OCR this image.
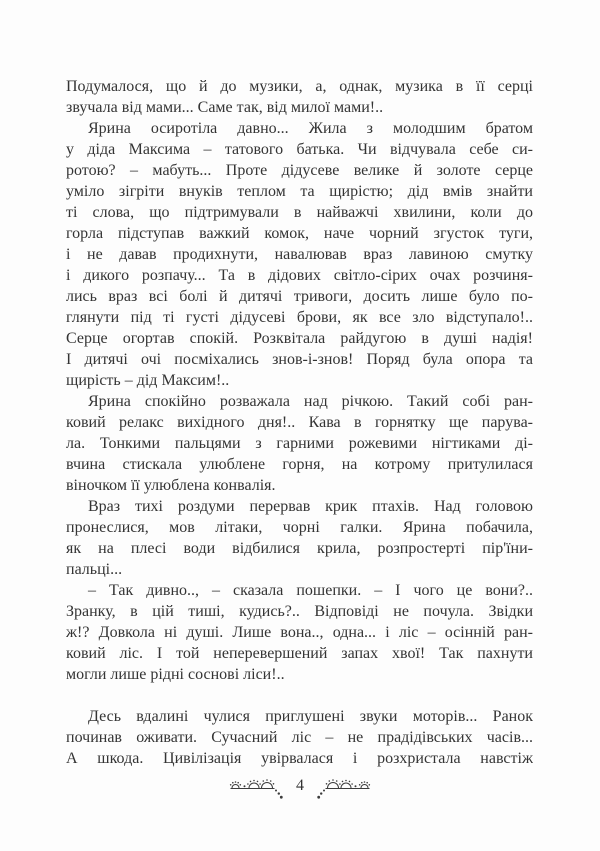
Подумалося, що й до музики, а, однак, музика в її серці
звучала від мами... Саме так, від милої мами!..
Ярина осиротіла давно... Жила з молодшим братом
у діда Максима – татового батька. Чи відчувала себе си-
ротою? – мабуть... Проте дідусеве велике й золоте серце
уміло зігріти внуків теплом та щирістю; дід вмів знайти
ті слова, що підтримували в найважчі хвилини, коли до
горла підступав важкий комок, наче чорний згусток туги,
і не давав продихнути, навалював враз лавиною смутку
і дикого розпачу... Та в дідових світло-сірих очах розчиня-
лись враз всі болі й дитячі тривоги, досить лише було по-
глянути під ті густі дідусеві брови, як все зло відступало!..
Серце огортав спокій. Розквітала райдугою в душі надія!
І дитячі очі посміхались знов-і-знов! Поряд була опора та
щирість – дід Максим!..
Ярина спокійно розважала над річкою. Такий собі ран-
ковий релакс вихідного дня!.. Кава в горнятку ще парува-
ла. Тонкими пальцями з гарними рожевими нігтиками ді-
вчина стискала улюблене горня, на котрому притулилася
віночком її улюблена конвалія.
Враз тихі роздуми перервав крик птахів. Над головою
пронеслися, мов літаки, чорні галки. Ярина побачила,
як на плесі води відбилися крила, розпростерті пір'їни-
пальці...
– Так дивно.., – сказала пошепки. – І чого це вони?..
Зранку, в цій тиші, кудись?.. Відповіді не почула. Звідки
ж!? Довкола ні душі. Лише вона.., одна... і ліс – осінній ран-
ковий ліс. І той неперевершений запах хвої! Так пахнути
могли лише рідні соснові ліси!..
Десь вдалині чулися приглушені звуки моторів... Ранок
починав оживати. Сучасний ліс – не прадідівських часів...
А шкода. Цивілізація увірвалася і розхристала навстіж
4
